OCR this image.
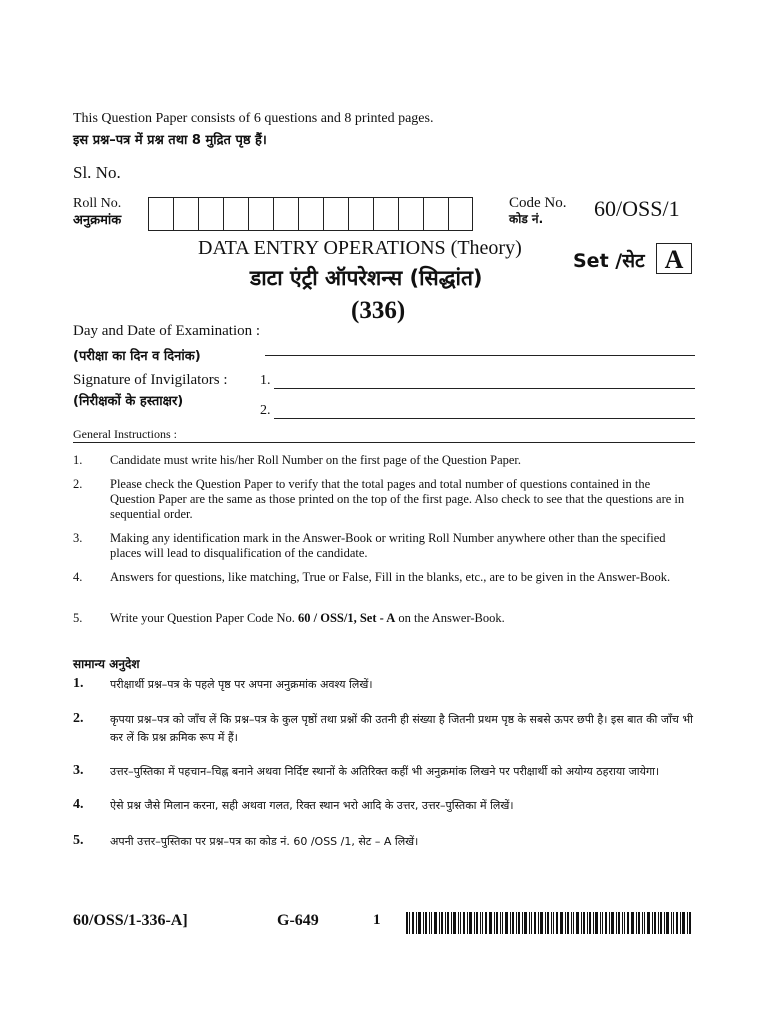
This Question Paper consists of 6 questions and 8 printed pages.
इस प्रश्न–पत्र में प्रश्न तथा 8 मुद्रित पृष्ठ हैं।
Sl. No.
Roll No.
अनुक्रमांक
Code No.
कोड नं.	60/OSS/1
DATA ENTRY OPERATIONS (Theory)
Set /सेट A
डाटा एंट्री ऑपरेशन्स (सिद्धांत)
(336)
Day and Date of Examination :
(परीक्षा का दिन व दिनांक)
Signature of Invigilators :
(निरीक्षकों के हस्ताक्षर)
1.
2.
General Instructions :
1. Candidate must write his/her Roll Number on the first page of the Question Paper.
2. Please check the Question Paper to verify that the total pages and total number of questions contained in the Question Paper are the same as those printed on the top of the first page. Also check to see that the questions are in sequential order.
3. Making any identification mark in the Answer-Book or writing Roll Number anywhere other than the specified places will lead to disqualification of the candidate.
4. Answers for questions, like matching, True or False, Fill in the blanks, etc., are to be given in the Answer-Book.
5. Write your Question Paper Code No. 60 / OSS/1, Set - A on the Answer-Book.
सामान्य अनुदेश
1. परीक्षार्थी प्रश्न–पत्र के पहले पृष्ठ पर अपना अनुक्रमांक अवश्य लिखें।
2. कृपया प्रश्न–पत्र को जाँच लें कि प्रश्न–पत्र के कुल पृष्ठों तथा प्रश्नों की उतनी ही संख्या है जितनी प्रथम पृष्ठ के सबसे ऊपर छपी है। इस बात की जाँच भी कर लें कि प्रश्न क्रमिक रूप में हैं।
3. उत्तर–पुस्तिका में पहचान–चिह्न बनाने अथवा निर्दिष्ट स्थानों के अतिरिक्त कहीं भी अनुक्रमांक लिखने पर परीक्षार्थी को अयोग्य ठहराया जायेगा।
4. ऐसे प्रश्न जैसे मिलान करना, सही अथवा गलत, रिक्त स्थान भरो आदि के उत्तर, उत्तर–पुस्तिका में लिखें।
5. अपनी उत्तर–पुस्तिका पर प्रश्न–पत्र का कोड नं. 60 /OSS /1, सेट – A लिखें।
60/OSS/1-336-A]	G-649	1
